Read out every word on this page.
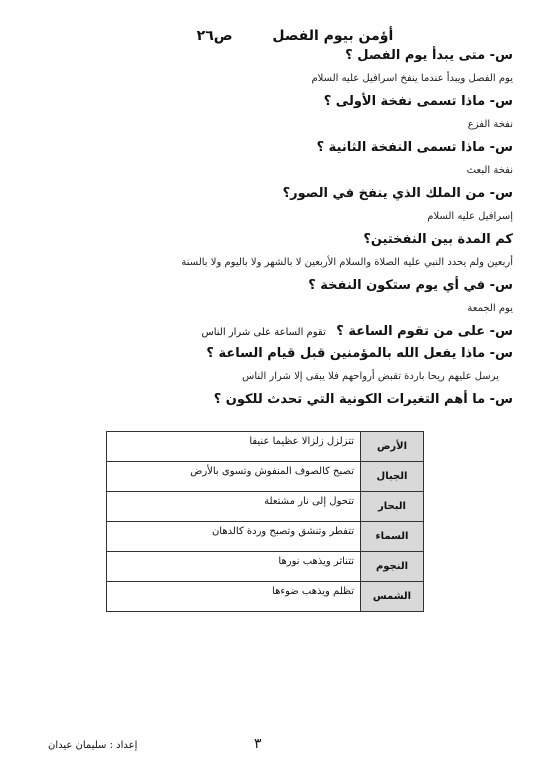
أؤمن بيوم الفصل  ص٢٦
س- متى يبدأ يوم الفصل ؟
يوم الفصل ويبدأ عندما ينفخ اسرافيل عليه السلام
س- ماذا تسمى نفخة الأولى ؟
نفخة الفزع
س- ماذا تسمى النفخة الثانية ؟
نفخة البعث
س- من الملك الذي ينفخ في الصور؟
إسرافيل عليه السلام
كم المدة بين النفختين؟
أربعين ولم يحدد النبي عليه الصلاة والسلام الأربعين لا بالشهر ولا باليوم ولا بالسنة
س- في أي يوم ستكون النفخة ؟
يوم الجمعة
س- على من تقوم الساعة ؟ تقوم الساعة على شرار الناس
س- ماذا يفعل الله بالمؤمنين قبل قيام الساعة ؟
يرسل عليهم ريحا باردة تقبض أرواحهم فلا يبقى إلا شرار الناس
س- ما أهم التغيرات الكونية التي تحدث للكون ؟
الأرض	تتزلزل زلزالا عظيما عنيفا
الجبال	تصبح كالصوف المنفوش وتسوى بالأرض
البحار	تتحول إلى نار مشتعلة
السماء	تتفطر وتنشق وتصبح وردة كالدهان
النجوم	تتناثر ويذهب نورها
الشمس	تظلم ويذهب ضوءها
إعداد : سليمان عيدان	٣
